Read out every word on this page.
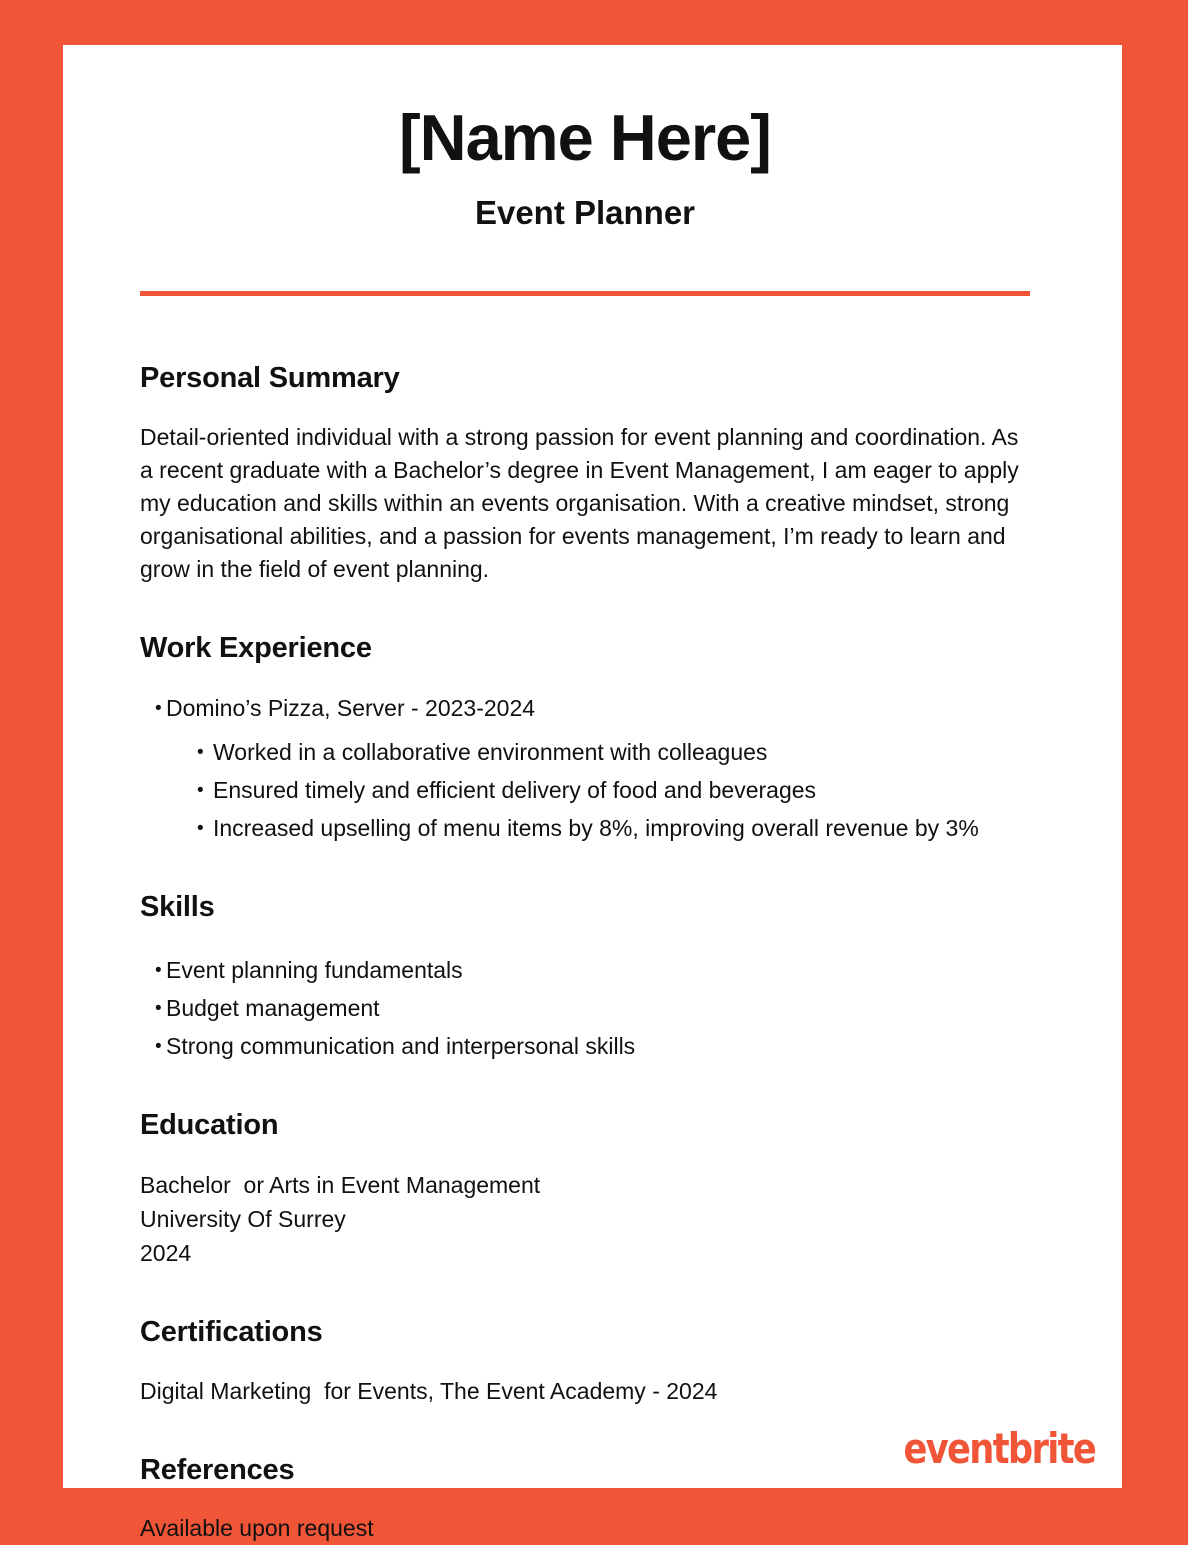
[Name Here]
Event Planner
Personal Summary

Detail-oriented individual with a strong passion for event planning and coordination. As a recent graduate with a Bachelor’s degree in Event Management, I am eager to apply my education and skills within an events organisation. With a creative mindset, strong organisational abilities, and a passion for events management, I’m ready to learn and grow in the field of event planning.

Work Experience
•
Domino’s Pizza, Server - 2023-2024
•
Worked in a collaborative environment with colleagues
•
Ensured timely and efficient delivery of food and beverages
•
Increased upselling of menu items by 8%, improving overall revenue by 3%
Skills
•
Event planning fundamentals
•
Budget management
•
Strong communication and interpersonal skills
Education
Bachelor  or Arts in Event Management
University Of Surrey
2024
Certifications

Digital Marketing  for Events, The Event Academy - 2024

References

Available upon request

eventbrite
